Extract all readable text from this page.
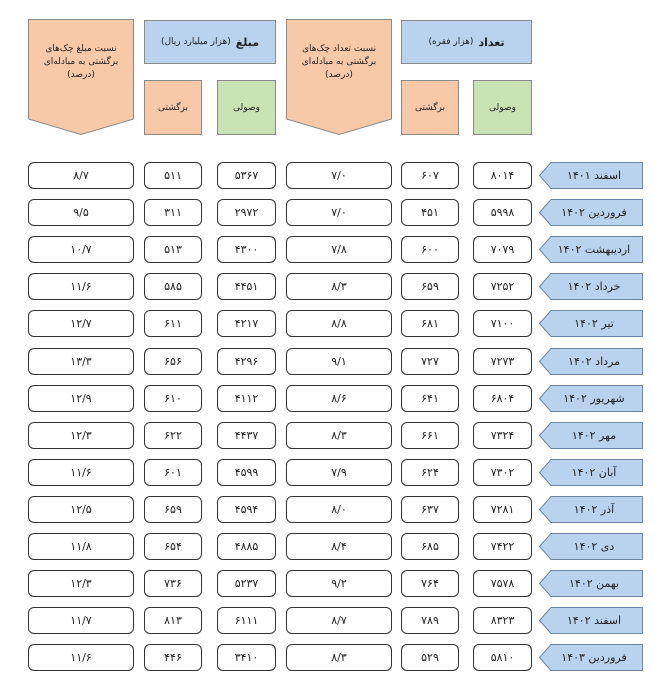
نسبت مبلغ چک‌های
برگشتی به مبادله‌ای
(درصد)
مبلغ
(هزار میلیارد ریال)
برگشتی	وصولی
نسبت تعداد چک‌های
برگشتی به مبادله‌ای
(درصد)
تعداد
(هزار فقره)
برگشتی	وصولی
۸/۷	۵۱۱	۵۳۶۷	۷/۰	۶۰۷	۸۰۱۴	اسفند ۱۴۰۱
۹/۵	۳۱۱	۲۹۷۲	۷/۰	۴۵۱	۵۹۹۸	فروردین ۱۴۰۲
۱۰/۷	۵۱۳	۴۳۰۰	۷/۸	۶۰۰	۷۰۷۹	اردیبهشت ۱۴۰۲
۱۱/۶	۵۸۵	۴۴۵۱	۸/۳	۶۵۹	۷۲۵۲	خرداد ۱۴۰۲
۱۲/۷	۶۱۱	۴۲۱۷	۸/۸	۶۸۱	۷۱۰۰	تیر ۱۴۰۲
۱۳/۳	۶۵۶	۴۲۹۶	۹/۱	۷۲۷	۷۲۷۳	مرداد ۱۴۰۲
۱۲/۹	۶۱۰	۴۱۱۲	۸/۶	۶۴۱	۶۸۰۴	شهریور ۱۴۰۲
۱۲/۳	۶۲۲	۴۴۳۷	۸/۳	۶۶۱	۷۳۲۴	مهر ۱۴۰۲
۱۱/۶	۶۰۱	۴۵۹۹	۷/۹	۶۲۴	۷۳۰۲	آبان ۱۴۰۲
۱۲/۵	۶۵۹	۴۵۹۴	۸/۰	۶۳۷	۷۲۸۱	آذر ۱۴۰۲
۱۱/۸	۶۵۴	۴۸۸۵	۸/۴	۶۸۵	۷۴۲۲	دی ۱۴۰۲
۱۲/۳	۷۳۶	۵۲۳۷	۹/۲	۷۶۴	۷۵۷۸	بهمن ۱۴۰۲
۱۱/۷	۸۱۳	۶۱۱۱	۸/۷	۷۸۹	۸۳۲۳	اسفند ۱۴۰۲
۱۱/۶	۴۴۶	۳۴۱۰	۸/۳	۵۲۹	۵۸۱۰	فروردین ۱۴۰۳
